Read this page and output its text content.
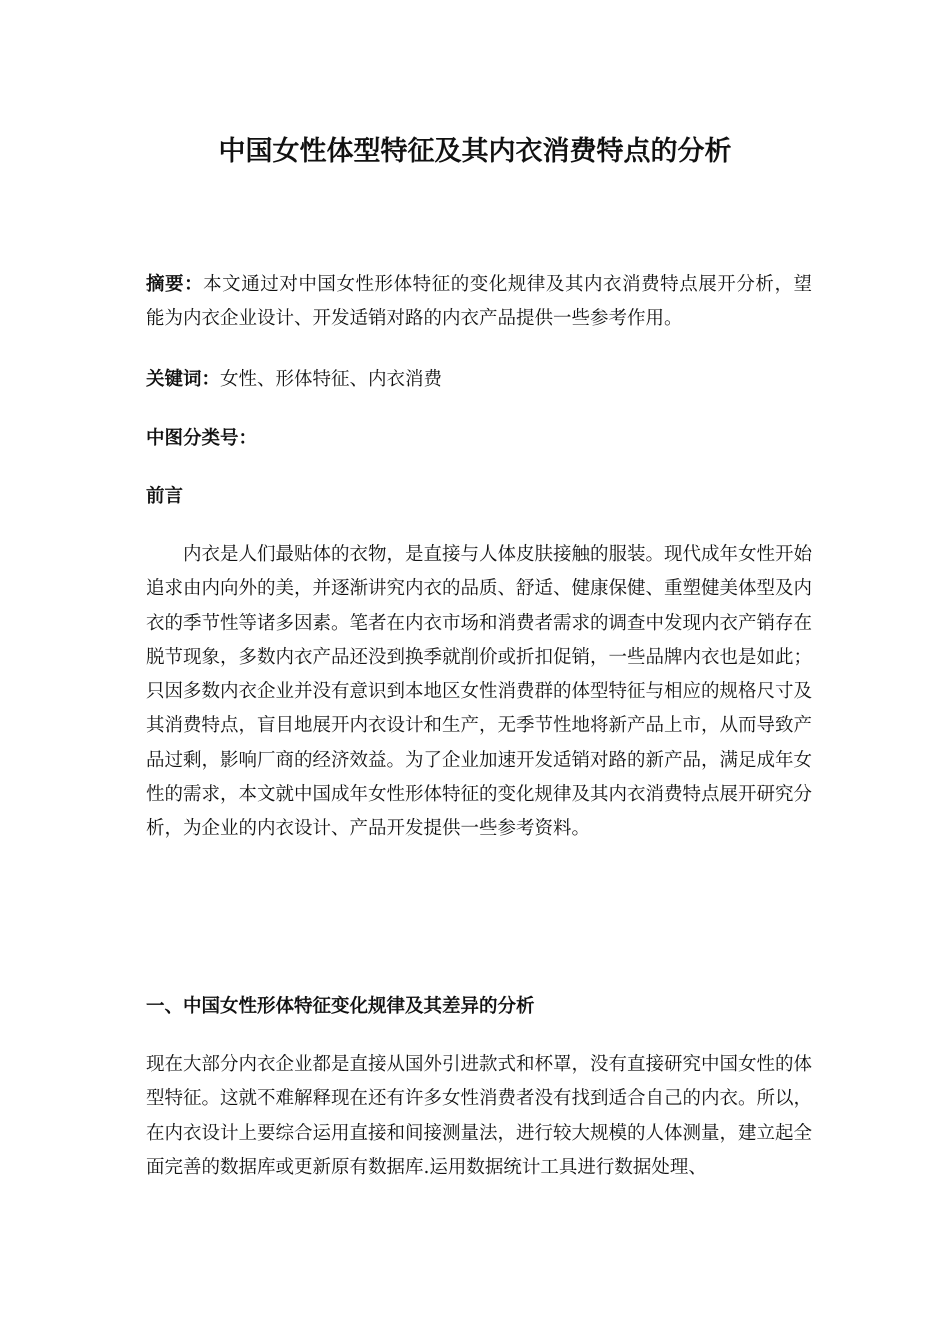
中国女性体型特征及其内衣消费特点的分析

摘要：本文通过对中国女性形体特征的变化规律及其内衣消费特点展开分析，望能为内衣企业设计、开发适销对路的内衣产品提供一些参考作用。

关键词：女性、形体特征、内衣消费

中图分类号：

前言

内衣是人们最贴体的衣物，是直接与人体皮肤接触的服装。现代成年女性开始追求由内向外的美，并逐渐讲究内衣的品质、舒适、健康保健、重塑健美体型及内衣的季节性等诸多因素。笔者在内衣市场和消费者需求的调查中发现内衣产销存在脱节现象，多数内衣产品还没到换季就削价或折扣促销，一些品牌内衣也是如此；只因多数内衣企业并没有意识到本地区女性消费群的体型特征与相应的规格尺寸及其消费特点，盲目地展开内衣设计和生产，无季节性地将新产品上市，从而导致产品过剩，影响厂商的经济效益。为了企业加速开发适销对路的新产品，满足成年女性的需求，本文就中国成年女性形体特征的变化规律及其内衣消费特点展开研究分析，为企业的内衣设计、产品开发提供一些参考资料。

一、中国女性形体特征变化规律及其差异的分析

现在大部分内衣企业都是直接从国外引进款式和杯罩，没有直接研究中国女性的体型特征。这就不难解释现在还有许多女性消费者没有找到适合自己的内衣。所以，在内衣设计上要综合运用直接和间接测量法，进行较大规模的人体测量，建立起全面完善的数据库或更新原有数据库.运用数据统计工具进行数据处理、
